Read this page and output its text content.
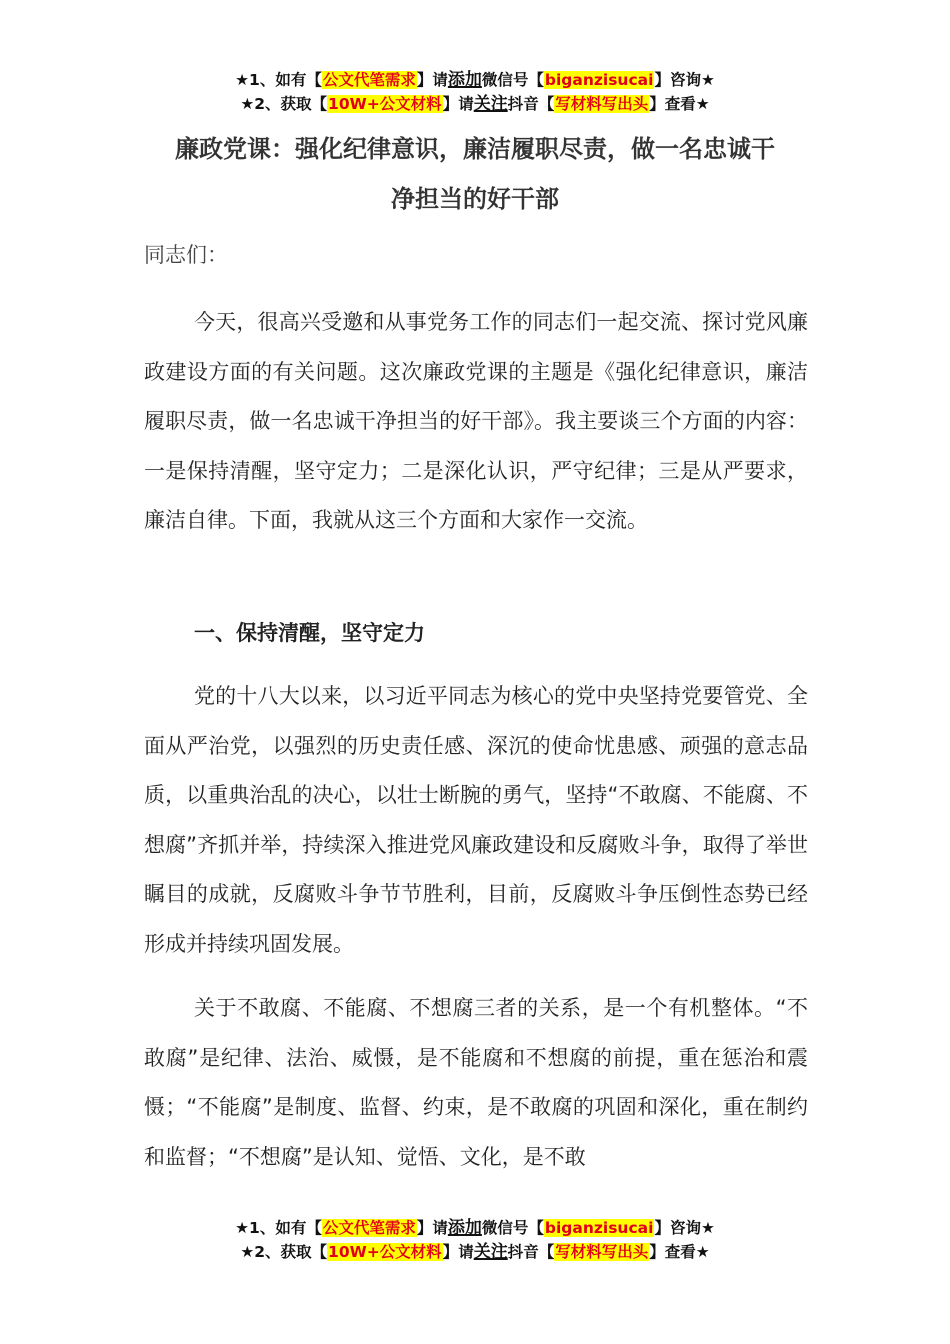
★1、如有【公文代笔需求】请添加微信号【biganzisucai】咨询★
★2、获取【10W+公文材料】请关注抖音【写材料写出头】查看★
廉政党课：强化纪律意识，廉洁履职尽责，做一名忠诚干
净担当的好干部
同志们：

今天，很高兴受邀和从事党务工作的同志们一起交流、探讨党风廉政建设方面的有关问题。这次廉政党课的主题是《强化纪律意识，廉洁履职尽责，做一名忠诚干净担当的好干部》。我主要谈三个方面的内容：一是保持清醒，坚守定力；二是深化认识，严守纪律；三是从严要求，廉洁自律。下面，我就从这三个方面和大家作一交流。

一、保持清醒，坚守定力

党的十八大以来，以习近平同志为核心的党中央坚持党要管党、全面从严治党，以强烈的历史责任感、深沉的使命忧患感、顽强的意志品质，以重典治乱的决心，以壮士断腕的勇气，坚持“不敢腐、不能腐、不想腐”齐抓并举，持续深入推进党风廉政建设和反腐败斗争，取得了举世瞩目的成就，反腐败斗争节节胜利，目前，反腐败斗争压倒性态势已经形成并持续巩固发展。

关于不敢腐、不能腐、不想腐三者的关系，是一个有机整体。“不敢腐”是纪律、法治、威慑，是不能腐和不想腐的前提，重在惩治和震慑；“不能腐”是制度、监督、约束，是不敢腐的巩固和深化，重在制约和监督；“不想腐”是认知、觉悟、文化，是不敢

★1、如有【公文代笔需求】请添加微信号【biganzisucai】咨询★
★2、获取【10W+公文材料】请关注抖音【写材料写出头】查看★
